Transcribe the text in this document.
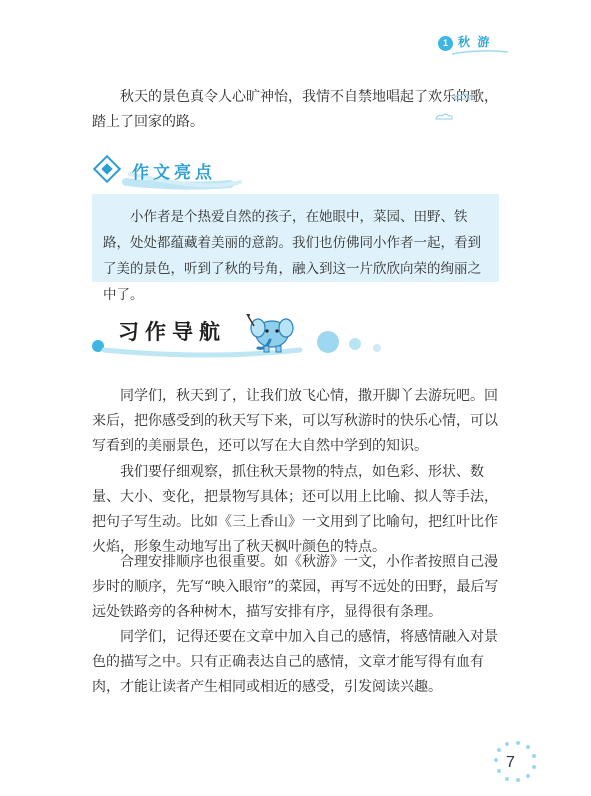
1 秋 游

秋天的景色真令人心旷神怡，我情不自禁地唱起了欢乐的歌，踏上了回家的路。

作文亮点

小作者是个热爱自然的孩子，在她眼中，菜园、田野、铁路，处处都蕴藏着美丽的意韵。我们也仿佛同小作者一起，看到了美的景色，听到了秋的号角，融入到这一片欣欣向荣的绚丽之中了。

习作导航

同学们，秋天到了，让我们放飞心情，撒开脚丫去游玩吧。回来后，把你感受到的秋天写下来，可以写秋游时的快乐心情，可以写看到的美丽景色，还可以写在大自然中学到的知识。

我们要仔细观察，抓住秋天景物的特点，如色彩、形状、数量、大小、变化，把景物写具体；还可以用上比喻、拟人等手法，把句子写生动。比如《三上香山》一文用到了比喻句，把红叶比作火焰，形象生动地写出了秋天枫叶颜色的特点。

合理安排顺序也很重要。如《秋游》一文，小作者按照自己漫步时的顺序，先写“映入眼帘”的菜园，再写不远处的田野，最后写远处铁路旁的各种树木，描写安排有序，显得很有条理。

同学们，记得还要在文章中加入自己的感情，将感情融入对景色的描写之中。只有正确表达自己的感情，文章才能写得有血有肉，才能让读者产生相同或相近的感受，引发阅读兴趣。

7
